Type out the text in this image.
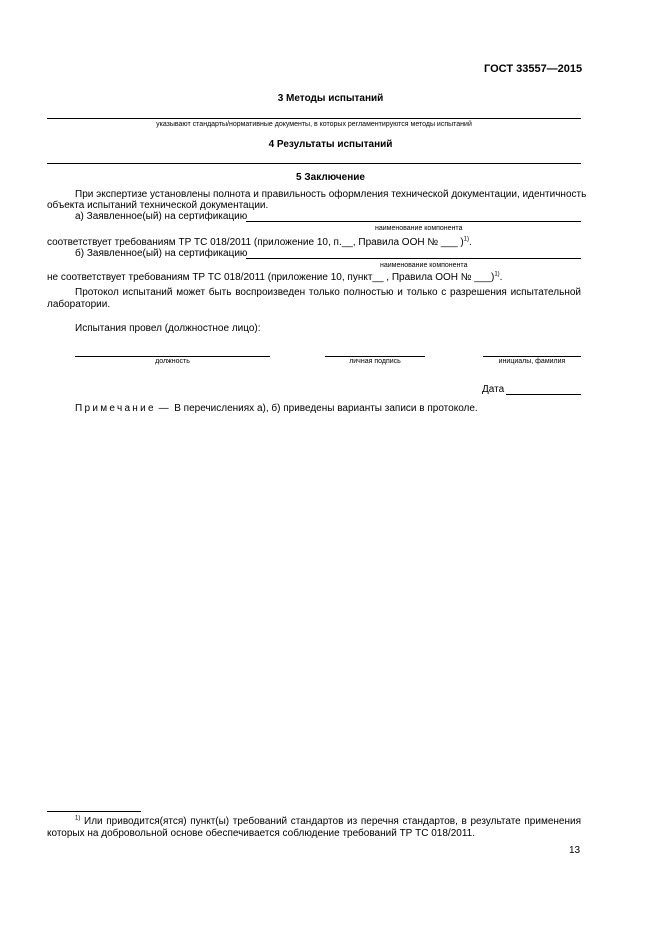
ГОСТ 33557—2015
3 Методы испытаний
указывают стандарты/нормативные документы, в которых регламентируются методы испытаний
4 Результаты испытаний
5 Заключение
При экспертизе установлены полнота и правильность оформления технической документации, идентичность
объекта испытаний технической документации.
а) Заявленное(ый) на сертификацию
наименование компонента
соответствует требованиям ТР ТС 018/2011 (приложение 10, п.__, Правила ООН № ___ )$^{1)}$.
б) Заявленное(ый) на сертификацию
наименование компонента
не соответствует требованиям ТР ТС 018/2011 (приложение 10, пункт__ , Правила ООН № ___)$^{1)}$.
Протокол испытаний может быть воспроизведен только полностью и только с разрешения испытательной
лаборатории.
Испытания провел (должностное лицо):
должность	личная подпись	инициалы, фамилия
Дата
Примечание — В перечислениях а), б) приведены варианты записи в протоколе.
$^{1)}$ Или приводится(ятся) пункт(ы) требований стандартов из перечня стандартов, в результате применения
которых на добровольной основе обеспечивается соблюдение требований ТР ТС 018/2011.
13
